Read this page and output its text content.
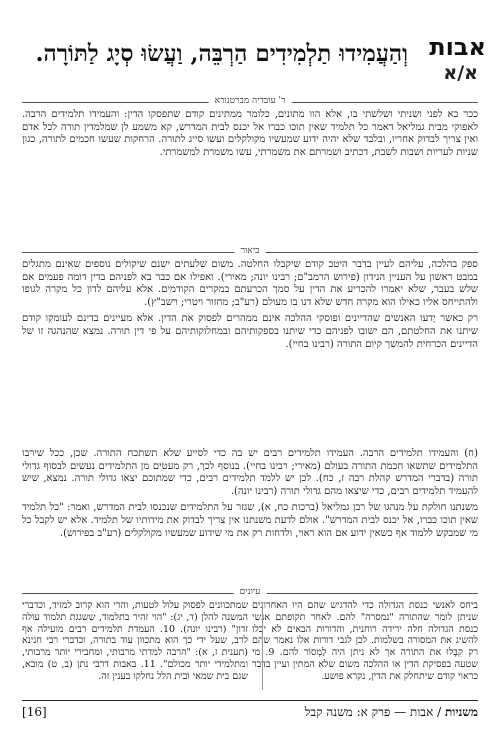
אבות
א/א
וְהַעֲמִידוּ תַלְמִידִים הַרְבֵּה, וַעֲשׂוּ סְיָג לַתּוֹרָה.
ר' עובדיה מברטנורא

ככר בא לפני ושניתי ושלשתי בו, אלא הוו מתונים, כלומר ממתינים קודם שתפסקו הדין: והעמידו תלמידים הרבה. לאפוקי מבית גמליאל דאמר כל תלמיד שאין תוכו כברו אל יכנס לבית המדרש, קא משמע לן שמלמדין תורה לכל אדם ואין צריך לבדוק אחריו, ובלבד שלא יהיה ידוע שמעשיו מקולקלים ועשו סייג לתורה. הרחקות שעשו חכמים לתורה, כגון שניות לעריות ושבות לשבת, דכתיב ושמרתם את משמרתי, עשו משמרת למשמרתי.

ביאור

ספק בהלכה, עליהם לעיין בדבר היטב קודם שיקבלו החלטה. משום שלעתים ישנם שיקולים נוספים שאינם מתגלים במבט ראשון על העניין הנידון (פירוש הרמב"ם; רבינו יונה; מאירי). ואפילו אם כבר בא לפניהם בדין דומה פעמים אם שלש בעבר, שלא יאמרו להכריע את הדין על סמך הכרעתם במקרים הקודמים. אלא עליהם לדון כל מקרה לגופו ולהתייחס אליו כאילו הוא מקרה חדש שלא דנו בו מעולם (רע"ב; מחזור ויטרי; רשב"ץ).

רק כאשר יָדעו האנשים שהדיינים ופוסקי ההלכה אינם ממהרים לפסוק את הדין. אלא מעיינים בדינם לעומקו קודם שיתנו את החלטתם, הם ישובו לפניהם כדי שיתנו בספקותיהם ובמחלוקותיהם על פי דין תורה. נמצא שהנהגה זו של הדיינים הכרחית להמשך קיום התורה (רבינו בחיי).

(ח) והעמידו תלמידים הרבה. העמידו תלמידים רבים יש בה כדי לסייע שלא תשתכח התורה. שכן, ככל שירבו התלמידים שתשאו חכמת התורה בעולם (מאירי; רבינו בחיי). בנוסף לכך, רק מעטים מן התלמידים נעשים לבסוף גדולי תורה (בדברי המדרש קהלת רבה ז, כח). לכן יש ללמד תלמידים רבים, כדי שמתוכם יצאו גדולי תורה. נמצא, שיש להעמיד תלמידים רבים, כדי שיצאו מהם גדולי תורה (רבינו יונה).

משנתנו חולקת על מנהגו של רבן גמליאל (ברכות כח, א), שגזר על התלמידים שנכנסו לבית המדרש, ואמר: "כל תלמיד שאין תוכו כברו, אל יכנס לבית המדרש". אולם לדעת משנתנו אין צריך לבדוק את מידותיו של תלמיד. אלא יש לקבל כל מי שמבקש ללמוד אף כשאין ידוע אם הוא ראוי, ולדחות רק את מי שידוע שמעשיו מקולקלים (רע"ב בפירוש).

עיונים
ביחס לאנשי כנסת הגדולה כדי להדגיש שהם היו האחרונים שניתן לומר שהתורה "נמסרה" להם. לאחר תקופתם אנשי כנסת הגדולה חלה ירידה רוחנית, והדורות הבאים לא יכלו להשיג את המסורה בשלמות. לכן לגבי דורות אלו נאמר שהם רק קִבְּלוּ את התורה אך לא ניתן היה לַמְסוֹר להם. 9. מי שטעה בפסיקת הדין או ההלכה משום שלא המתין ועיין בדבר כראוי קודם שיתחלק את הדין, נקרא פושע.
שמתכוונים לפסוק עלול לטעות, והרי הוא קרוב למזיד, וכדברי המשנה להלן (ד, יג): "הוי זהיר בתלמוד, ששגגת תלמוד עולה זדון" (רבינו יונה). 10. העמדת תלמידים רבים מועילה אף לרב, שעל ידי כך הוא מתכוון עוד בתורה, וכדברי רבי חנינא (תענית ז, א): "הרבה למדתי מרבותי, ומחבירי יותר מרבותי, ומתלמידי יותר מכולם". 11. באבות דרבי נתן (ב, ט) מובא, שגם בית שמאי ובית הלל נחלקו בענין זה.
משניות / אבות — פרק א: משנה קבל
[16]
